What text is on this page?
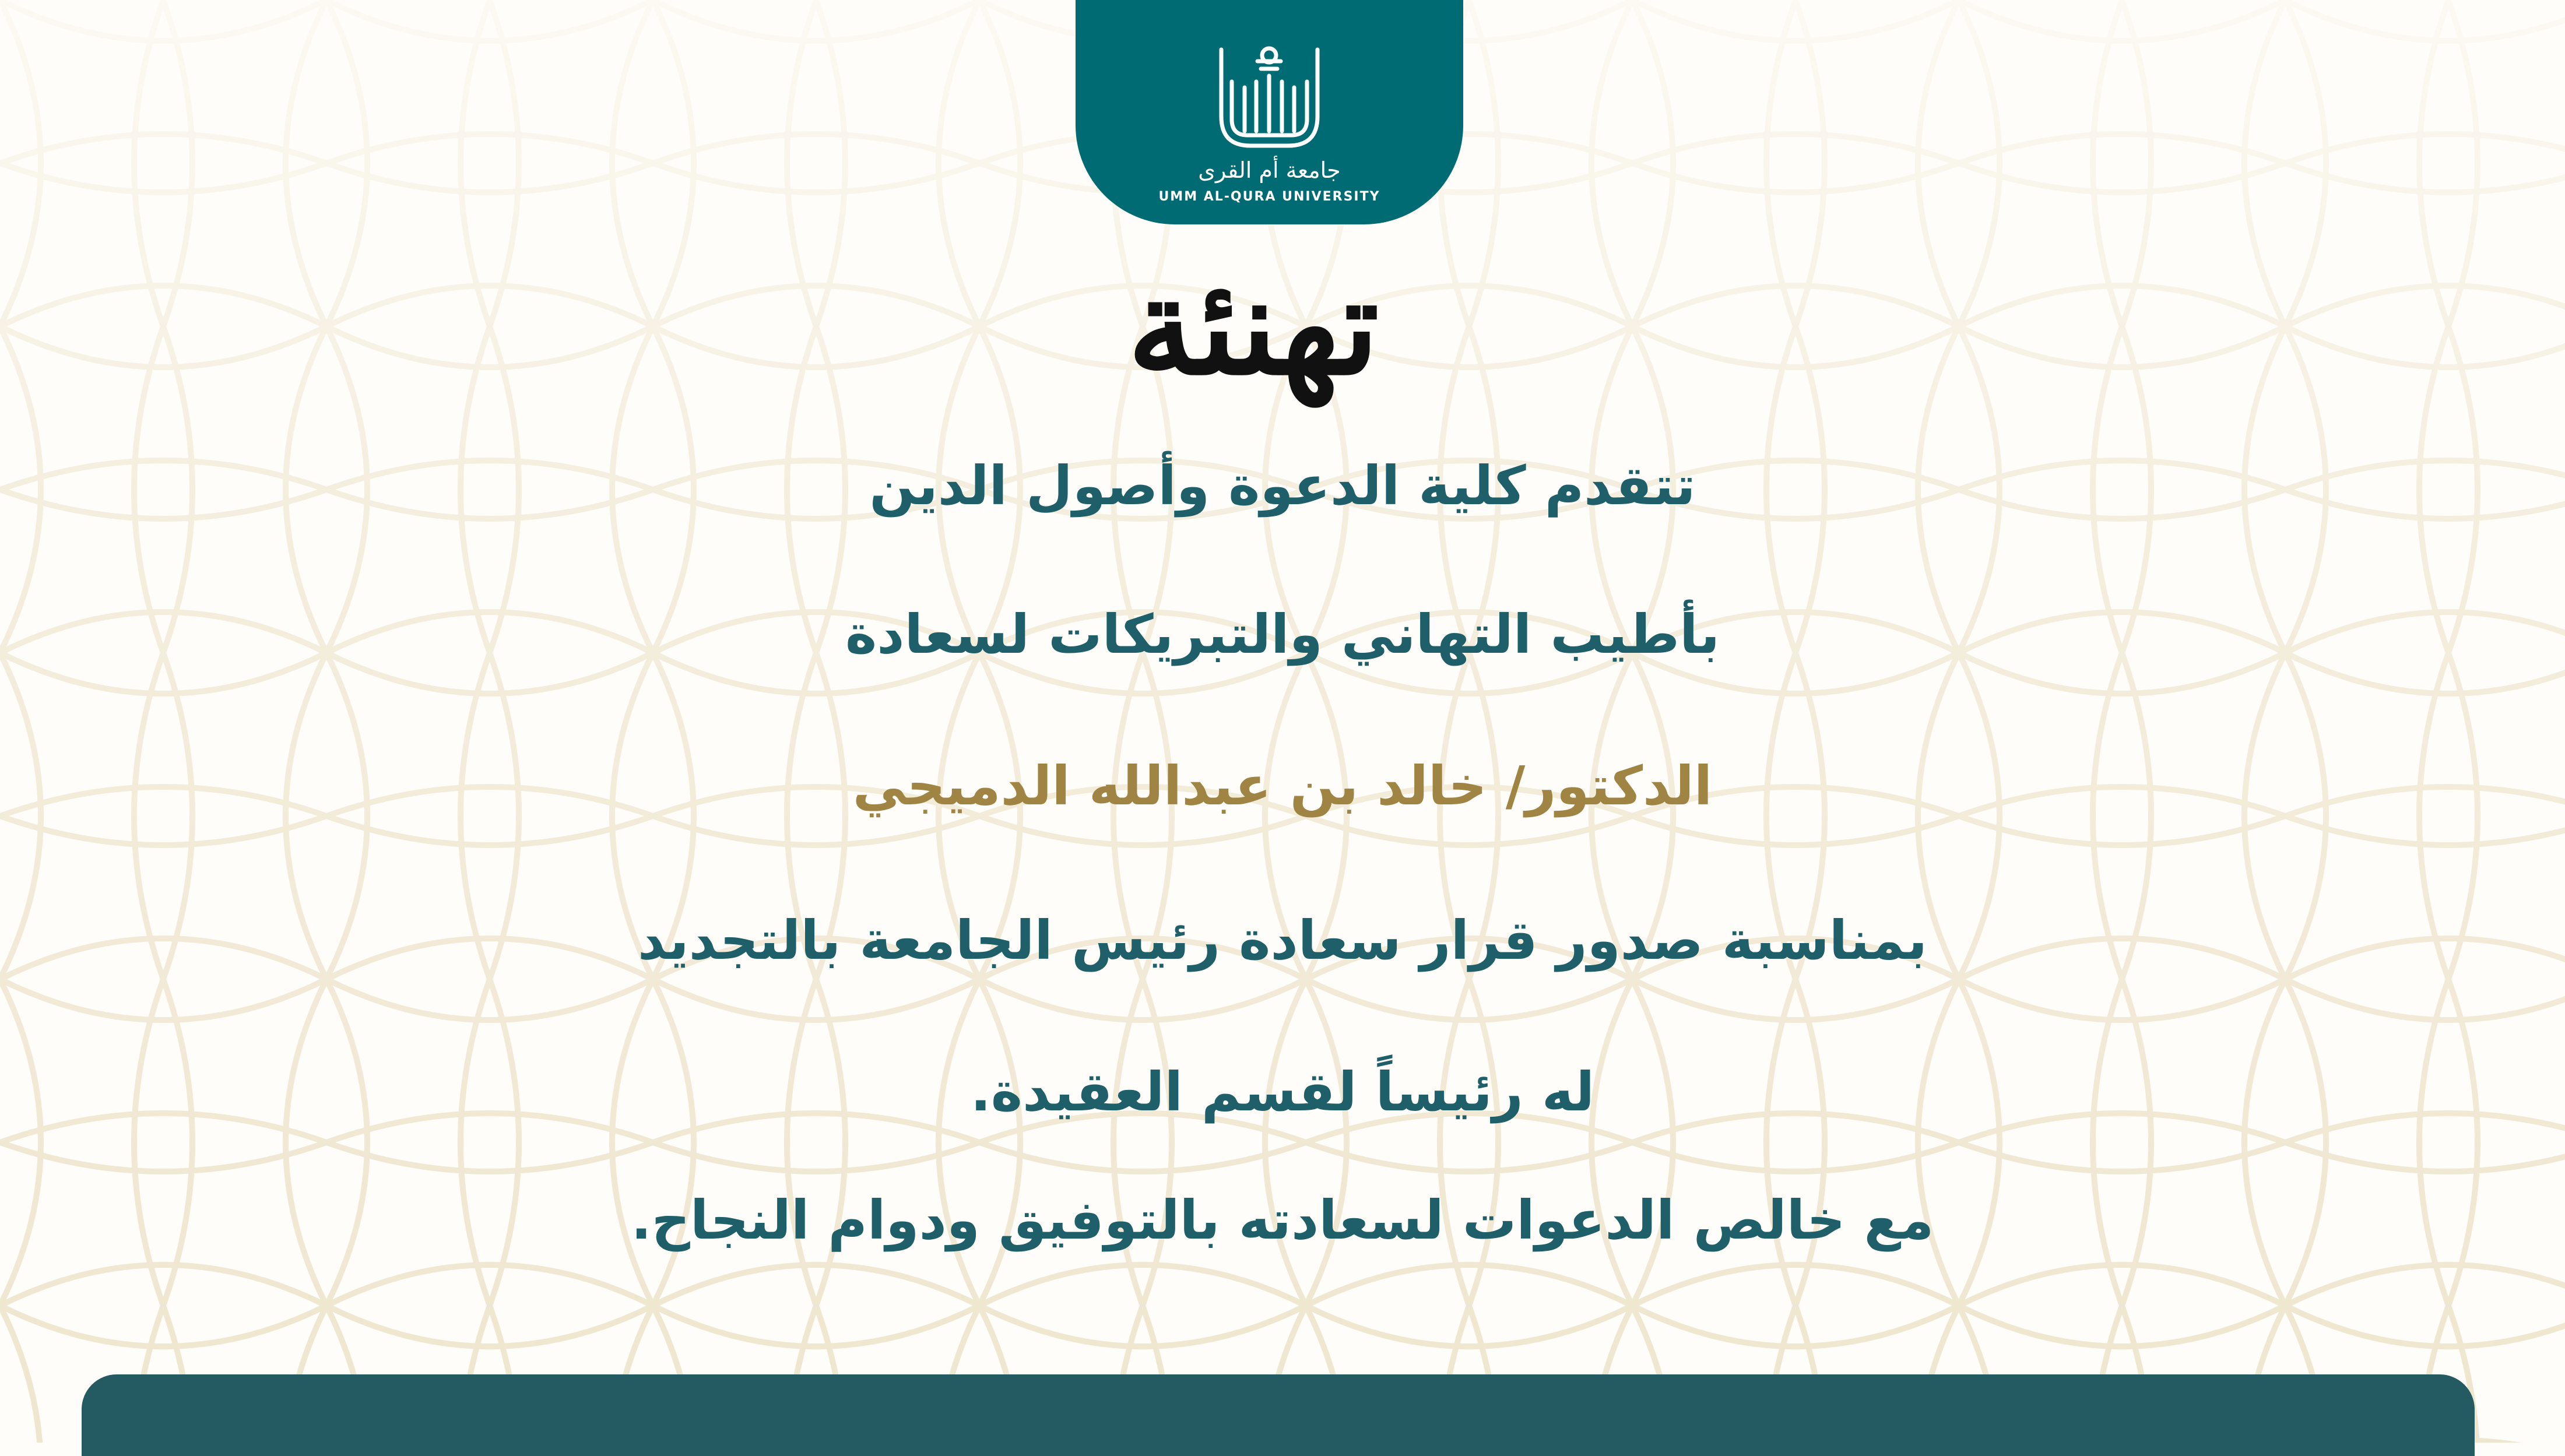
جامعة أم القرى
UMM AL-QURA UNIVERSITY
تهنئة
تتقدم كلية الدعوة وأصول الدين
بأطيب التهاني والتبريكات لسعادة
الدكتور/ خالد بن عبدالله الدميجي
بمناسبة صدور قرار سعادة رئيس الجامعة بالتجديد
له رئيساً لقسم العقيدة.
مع خالص الدعوات لسعادته بالتوفيق ودوام النجاح.
